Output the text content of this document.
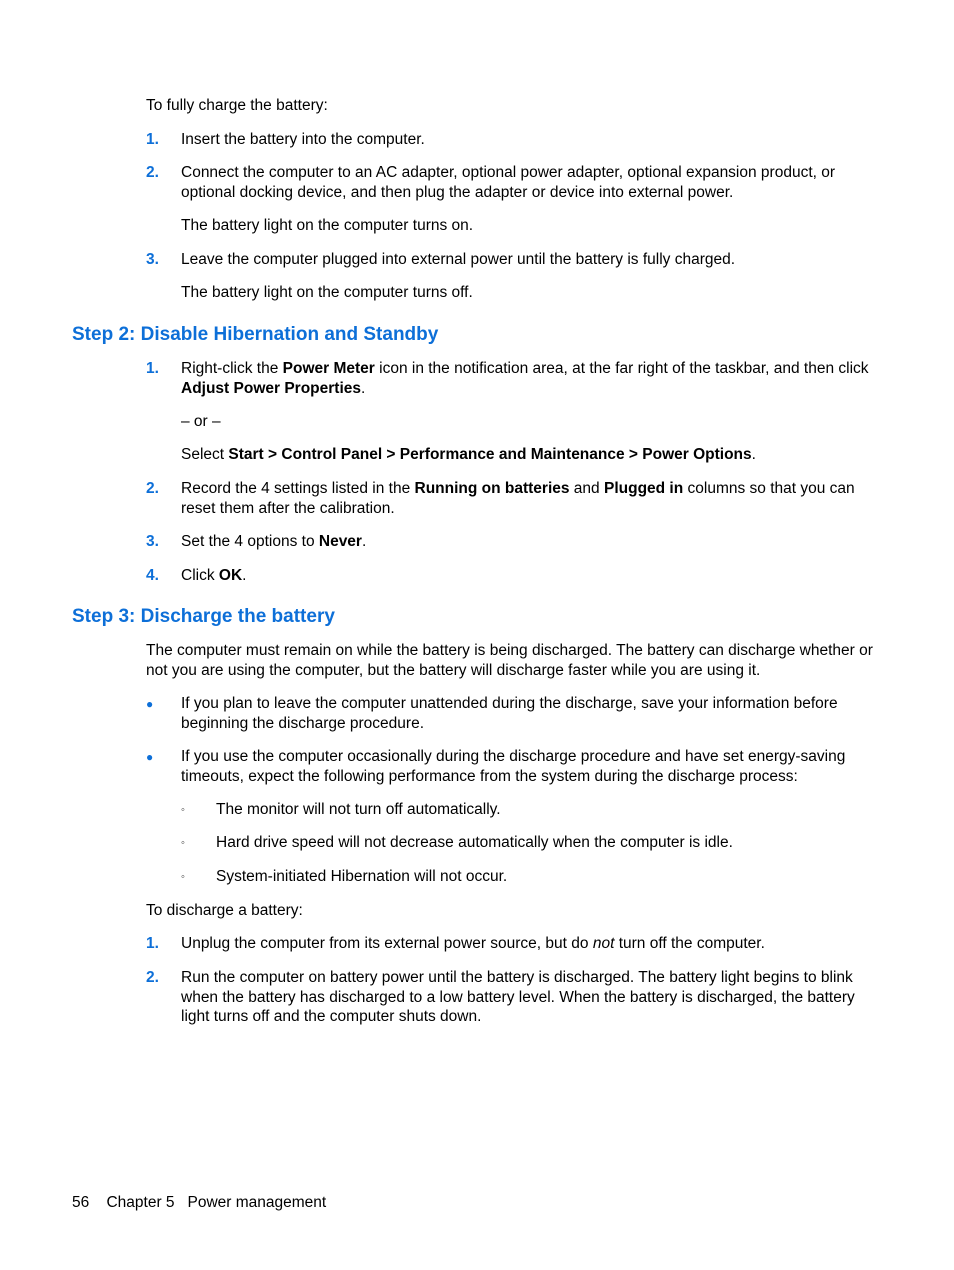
To fully charge the battery:
1. Insert the battery into the computer.
2. Connect the computer to an AC adapter, optional power adapter, optional expansion product, or optional docking device, and then plug the adapter or device into external power.
The battery light on the computer turns on.
3. Leave the computer plugged into external power until the battery is fully charged.
The battery light on the computer turns off.
Step 2: Disable Hibernation and Standby
1. Right-click the Power Meter icon in the notification area, at the far right of the taskbar, and then click Adjust Power Properties.
– or –
Select Start > Control Panel > Performance and Maintenance > Power Options.
2. Record the 4 settings listed in the Running on batteries and Plugged in columns so that you can reset them after the calibration.
3. Set the 4 options to Never.
4. Click OK.
Step 3: Discharge the battery
The computer must remain on while the battery is being discharged. The battery can discharge whether or not you are using the computer, but the battery will discharge faster while you are using it.
● If you plan to leave the computer unattended during the discharge, save your information before beginning the discharge procedure.
● If you use the computer occasionally during the discharge procedure and have set energy-saving timeouts, expect the following performance from the system during the discharge process:
◦ The monitor will not turn off automatically.
◦ Hard drive speed will not decrease automatically when the computer is idle.
◦ System-initiated Hibernation will not occur.
To discharge a battery:
1. Unplug the computer from its external power source, but do not turn off the computer.
2. Run the computer on battery power until the battery is discharged. The battery light begins to blink when the battery has discharged to a low battery level. When the battery is discharged, the battery light turns off and the computer shuts down.
56 Chapter 5 Power management
